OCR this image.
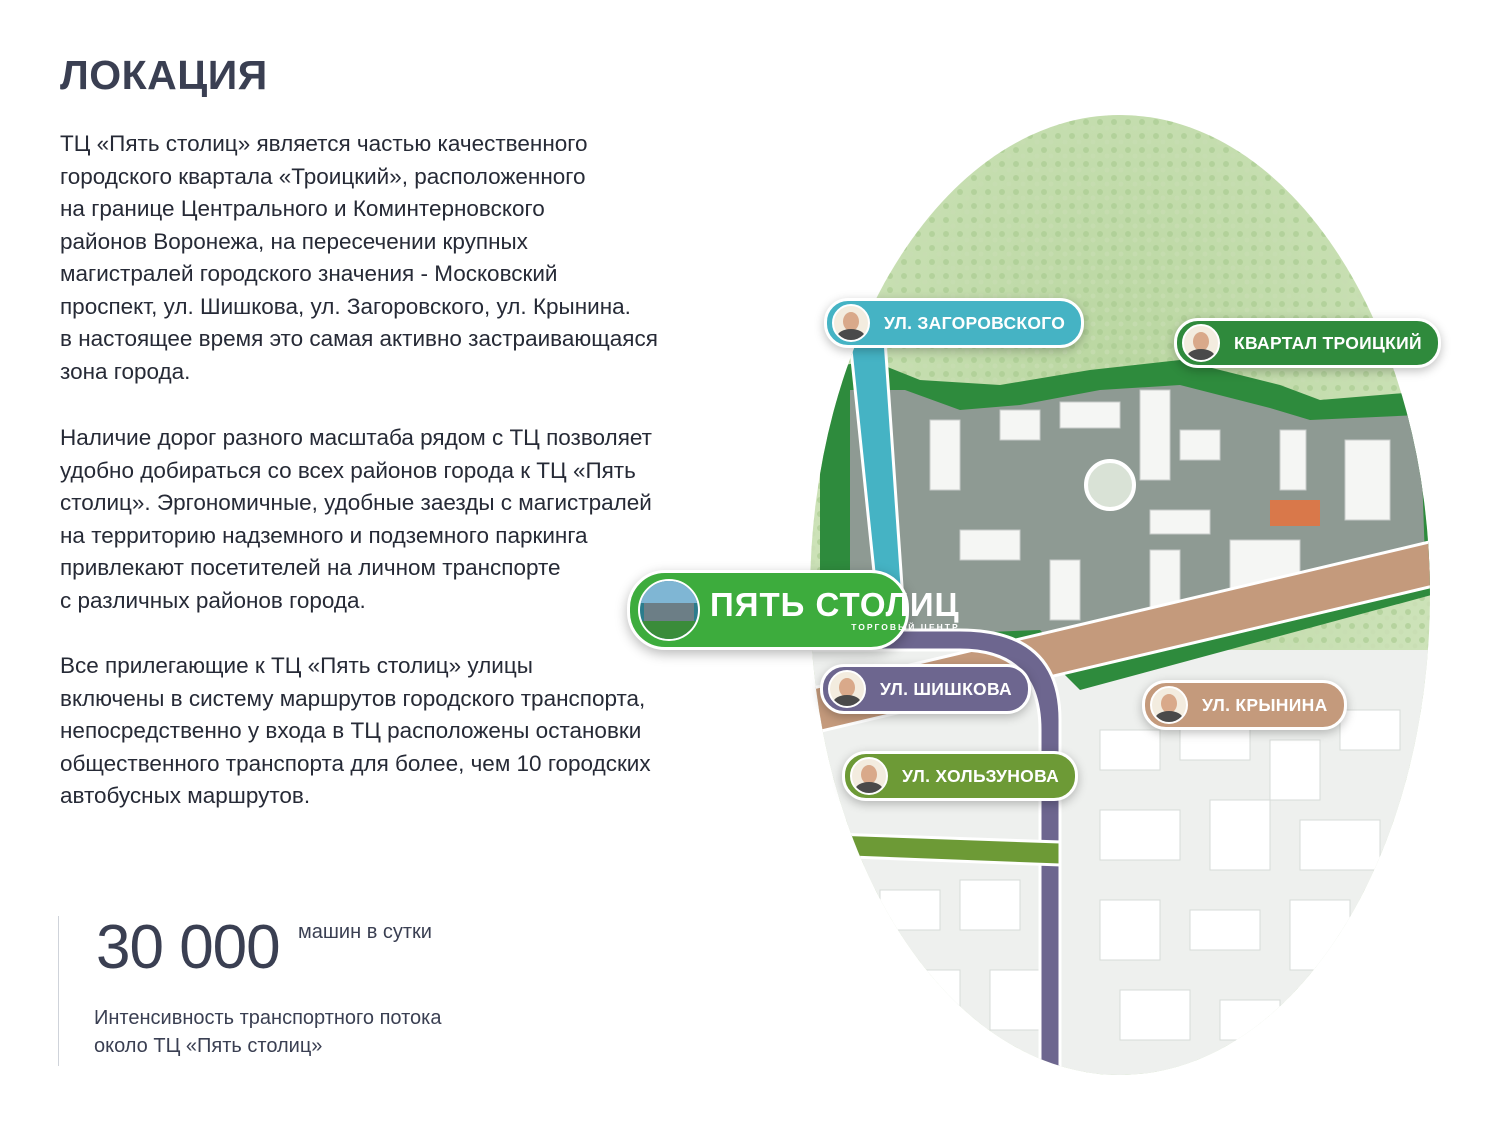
ЛОКАЦИЯ

ТЦ «Пять столиц» является частью качественного

городского квартала «Троицкий», расположенного

на границе Центрального и Коминтерновского

районов Воронежа, на пересечении крупных

магистралей городского значения - Московский

проспект, ул. Шишкова, ул. Загоровского, ул. Крынина.

в настоящее время это самая активно застраивающаяся

зона города.

Наличие дорог разного масштаба рядом с ТЦ позволяет

удобно добираться со всех районов города к ТЦ «Пять

столиц». Эргономичные, удобные заезды с магистралей

на территорию надземного и подземного паркинга

привлекают посетителей на личном транспорте

с различных районов города.

Все прилегающие к ТЦ «Пять столиц» улицы

включены в систему маршрутов городского транспорта,

непосредственно у входа в ТЦ расположены остановки

общественного транспорта для более, чем 10 городских

автобусных маршрутов.

30 000 машин в сутки
Интенсивность транспортного потока
около ТЦ «Пять столиц»
УЛ. ЗАГОРОВСКОГО
КВАРТАЛ ТРОИЦКИЙ
УЛ. ШИШКОВА
УЛ. КРЫНИНА
УЛ. ХОЛЬЗУНОВА
ПЯТЬ СТОЛИЦ
ТОРГОВЫЙ ЦЕНТР
